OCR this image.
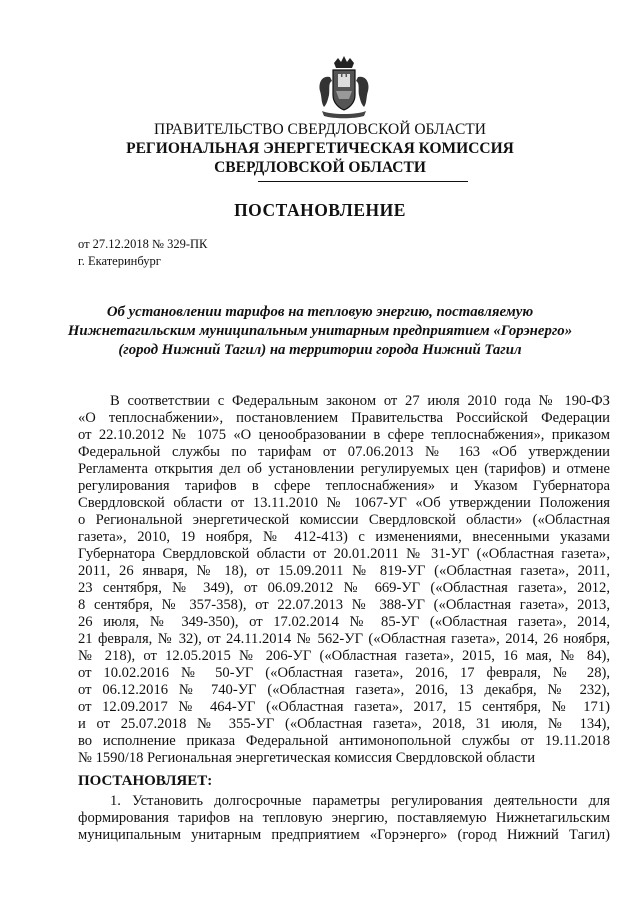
ПРАВИТЕЛЬСТВО СВЕРДЛОВСКОЙ ОБЛАСТИ
РЕГИОНАЛЬНАЯ ЭНЕРГЕТИЧЕСКАЯ КОМИССИЯ
СВЕРДЛОВСКОЙ ОБЛАСТИ
ПОСТАНОВЛЕНИЕ
от 27.12.2018 № 329-ПК
г. Екатеринбург
Об установлении тарифов на тепловую энергию, поставляемую
Нижнетагильским муниципальным унитарным предприятием «Горэнерго»
(город Нижний Тагил) на территории города Нижний Тагил
В соответствии с Федеральным законом от 27 июля 2010 года № 190-ФЗ
«О теплоснабжении», постановлением Правительства Российской Федерации
от 22.10.2012 № 1075 «О ценообразовании в сфере теплоснабжения», приказом
Федеральной службы по тарифам от 07.06.2013 № 163 «Об утверждении
Регламента открытия дел об установлении регулируемых цен (тарифов) и отмене
регулирования тарифов в сфере теплоснабжения» и Указом Губернатора
Свердловской области от 13.11.2010 № 1067-УГ «Об утверждении Положения
о Региональной энергетической комиссии Свердловской области» («Областная
газета», 2010, 19 ноября, № 412-413) с изменениями, внесенными указами
Губернатора Свердловской области от 20.01.2011 № 31-УГ («Областная газета»,
2011, 26 января, № 18), от 15.09.2011 № 819-УГ («Областная газета», 2011,
23 сентября, № 349), от 06.09.2012 № 669-УГ («Областная газета», 2012,
8 сентября, № 357-358), от 22.07.2013 № 388-УГ («Областная газета», 2013,
26 июля, № 349-350), от 17.02.2014 № 85-УГ («Областная газета», 2014,
21 февраля, № 32), от 24.11.2014 № 562-УГ («Областная газета», 2014, 26 ноября,
№ 218), от 12.05.2015 № 206-УГ («Областная газета», 2015, 16 мая, № 84),
от 10.02.2016 № 50-УГ («Областная газета», 2016, 17 февраля, № 28),
от 06.12.2016 № 740-УГ («Областная газета», 2016, 13 декабря, № 232),
от 12.09.2017 № 464-УГ («Областная газета», 2017, 15 сентября, № 171)
и от 25.07.2018 № 355-УГ («Областная газета», 2018, 31 июля, № 134),
во исполнение приказа Федеральной антимонопольной службы от 19.11.2018
№ 1590/18 Региональная энергетическая комиссия Свердловской области
ПОСТАНОВЛЯЕТ:
1. Установить долгосрочные параметры регулирования деятельности для
формирования тарифов на тепловую энергию, поставляемую Нижнетагильским
муниципальным унитарным предприятием «Горэнерго» (город Нижний Тагил)
